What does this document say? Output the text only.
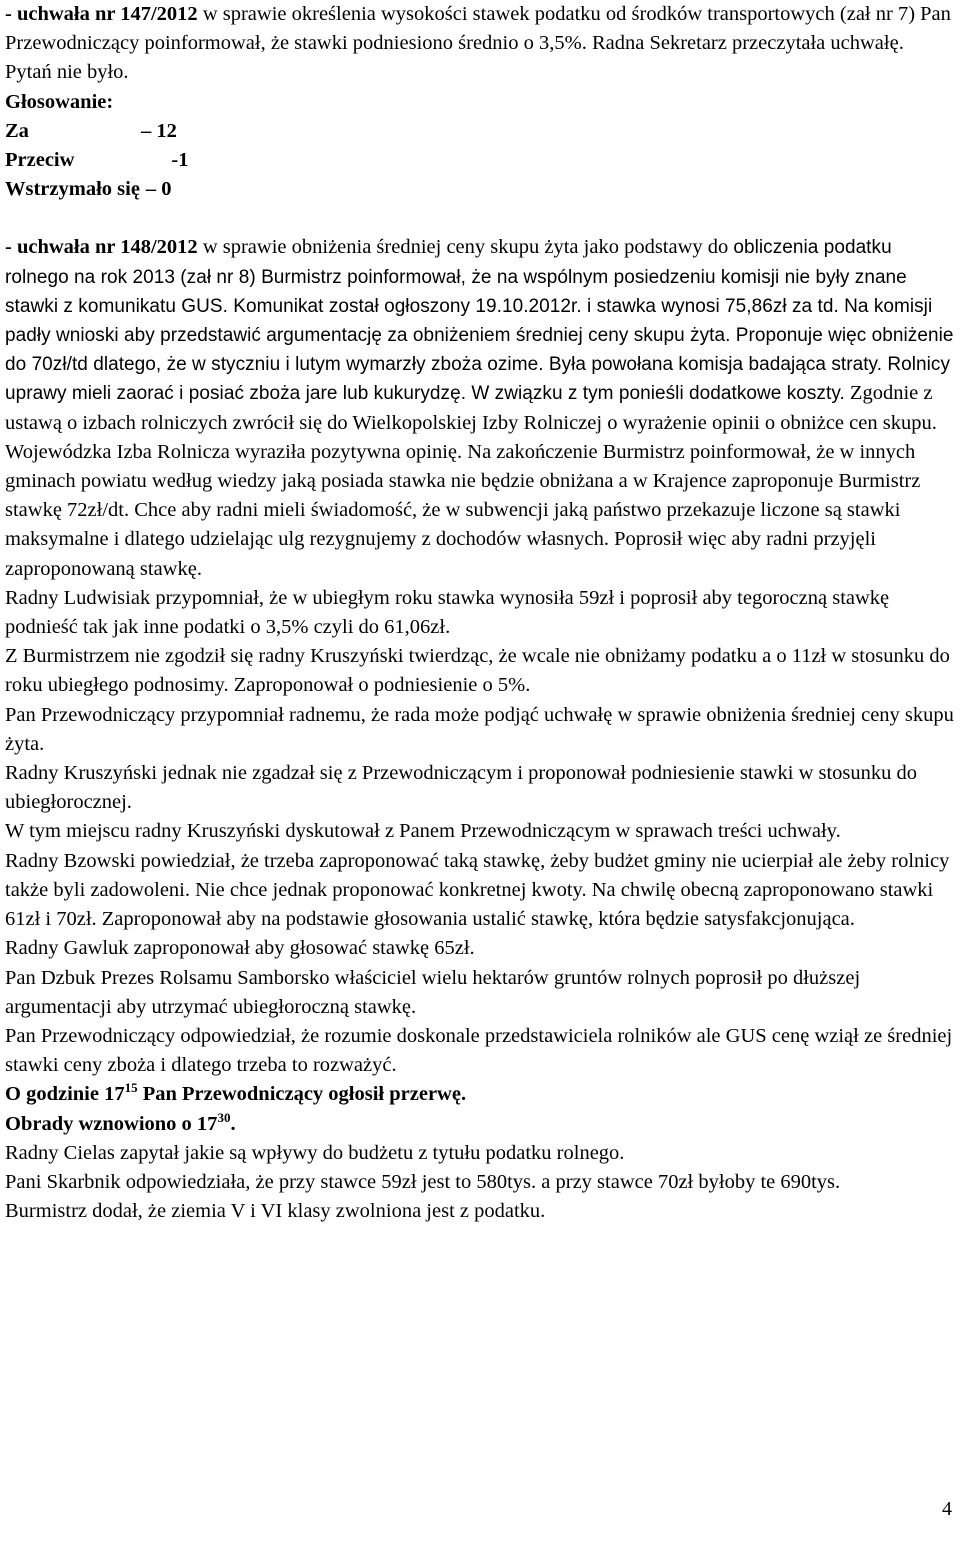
- uchwała nr 147/2012 w sprawie określenia wysokości stawek podatku od środków transportowych (zał nr 7) Pan Przewodniczący poinformował, że stawki podniesiono średnio o 3,5%. Radna Sekretarz przeczytała uchwałę.

Pytań nie było.

Głosowanie:

Za	– 12

Przeciw	-1

Wstrzymało się – 0

- uchwała nr 148/2012 w sprawie obniżenia średniej ceny skupu żyta jako podstawy do obliczenia podatku rolnego na rok 2013 (zał nr 8) Burmistrz poinformował, że na wspólnym posiedzeniu komisji nie były znane stawki z komunikatu GUS. Komunikat został ogłoszony 19.10.2012r. i stawka wynosi 75,86zł za td. Na komisji padły wnioski aby przedstawić argumentację za obniżeniem średniej ceny skupu żyta. Proponuje więc obniżenie do 70zł/td dlatego, że w styczniu i lutym wymarzły zboża ozime. Była powołana komisja badająca straty. Rolnicy uprawy mieli zaorać i posiać zboża jare lub kukurydzę. W związku z tym ponieśli dodatkowe koszty. Zgodnie z ustawą o izbach rolniczych zwrócił się do Wielkopolskiej Izby Rolniczej o wyrażenie opinii o obniżce cen skupu. Wojewódzka Izba Rolnicza wyraziła pozytywna opinię. Na zakończenie Burmistrz poinformował, że w innych gminach powiatu według wiedzy jaką posiada stawka nie będzie obniżana a w Krajence zaproponuje Burmistrz stawkę 72zł/dt. Chce aby radni mieli świadomość, że w subwencji jaką państwo przekazuje liczone są stawki maksymalne i dlatego udzielając ulg rezygnujemy z dochodów własnych. Poprosił więc aby radni przyjęli zaproponowaną stawkę.

Radny Ludwisiak przypomniał, że w ubiegłym roku stawka wynosiła 59zł i poprosił aby tegoroczną stawkę podnieść tak jak inne podatki o 3,5% czyli do 61,06zł.

Z Burmistrzem nie zgodził się radny Kruszyński twierdząc, że wcale nie obniżamy podatku a o 11zł w stosunku do roku ubiegłego podnosimy. Zaproponował o podniesienie o 5%.

Pan Przewodniczący przypomniał radnemu, że rada może podjąć uchwałę w sprawie obniżenia średniej ceny skupu żyta.

Radny Kruszyński jednak nie zgadzał się z Przewodniczącym i proponował podniesienie stawki w stosunku do ubiegłorocznej.

W tym miejscu radny Kruszyński dyskutował z Panem Przewodniczącym w sprawach treści uchwały.

Radny Bzowski powiedział, że trzeba zaproponować taką stawkę, żeby budżet gminy nie ucierpiał ale żeby rolnicy także byli zadowoleni. Nie chce jednak proponować konkretnej kwoty. Na chwilę obecną zaproponowano stawki 61zł i 70zł. Zaproponował aby na podstawie głosowania ustalić stawkę, która będzie satysfakcjonująca.

Radny Gawluk zaproponował aby głosować stawkę 65zł.

Pan Dzbuk Prezes Rolsamu Samborsko właściciel wielu hektarów gruntów rolnych poprosił po dłuższej argumentacji aby utrzymać ubiegłoroczną stawkę.

Pan Przewodniczący odpowiedział, że rozumie doskonale przedstawiciela rolników ale GUS cenę wziął ze średniej stawki ceny zboża i dlatego trzeba to rozważyć.

O godzinie $17^{15}$ Pan Przewodniczący ogłosił przerwę.

Obrady wznowiono o $17^{30}$.

Radny Cielas zapytał jakie są wpływy do budżetu z tytułu podatku rolnego.

Pani Skarbnik odpowiedziała, że przy stawce 59zł jest to 580tys. a przy stawce 70zł byłoby te 690tys.

Burmistrz dodał, że ziemia V i VI klasy zwolniona jest z podatku.

4
